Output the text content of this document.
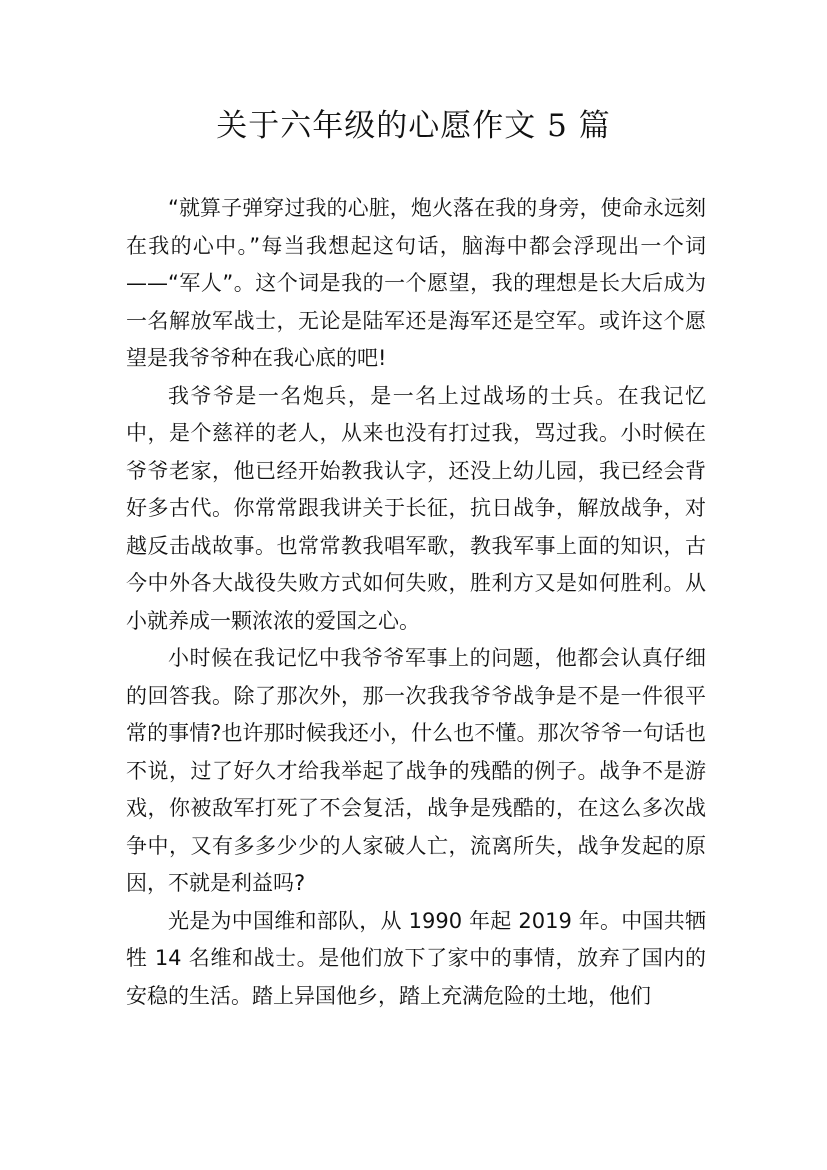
关于六年级的心愿作文 5 篇

“就算子弹穿过我的心脏，炮火落在我的身旁，使命永远刻在我的心中。”每当我想起这句话，脑海中都会浮现出一个词——“军人”。这个词是我的一个愿望，我的理想是长大后成为一名解放军战士，无论是陆军还是海军还是空军。或许这个愿望是我爷爷种在我心底的吧!

我爷爷是一名炮兵，是一名上过战场的士兵。在我记忆中，是个慈祥的老人，从来也没有打过我，骂过我。小时候在爷爷老家，他已经开始教我认字，还没上幼儿园，我已经会背好多古代。你常常跟我讲关于长征，抗日战争，解放战争，对越反击战故事。也常常教我唱军歌，教我军事上面的知识，古今中外各大战役失败方式如何失败，胜利方又是如何胜利。从小就养成一颗浓浓的爱国之心。

小时候在我记忆中我爷爷军事上的问题，他都会认真仔细的回答我。除了那次外，那一次我我爷爷战争是不是一件很平常的事情?也许那时候我还小，什么也不懂。那次爷爷一句话也不说，过了好久才给我举起了战争的残酷的例子。战争不是游戏，你被敌军打死了不会复活，战争是残酷的，在这么多次战争中，又有多多少少的人家破人亡，流离所失，战争发起的原因，不就是利益吗?

光是为中国维和部队，从 1990 年起 2019 年。中国共牺牲 14 名维和战士。是他们放下了家中的事情，放弃了国内的安稳的生活。踏上异国他乡，踏上充满危险的土地，他们
